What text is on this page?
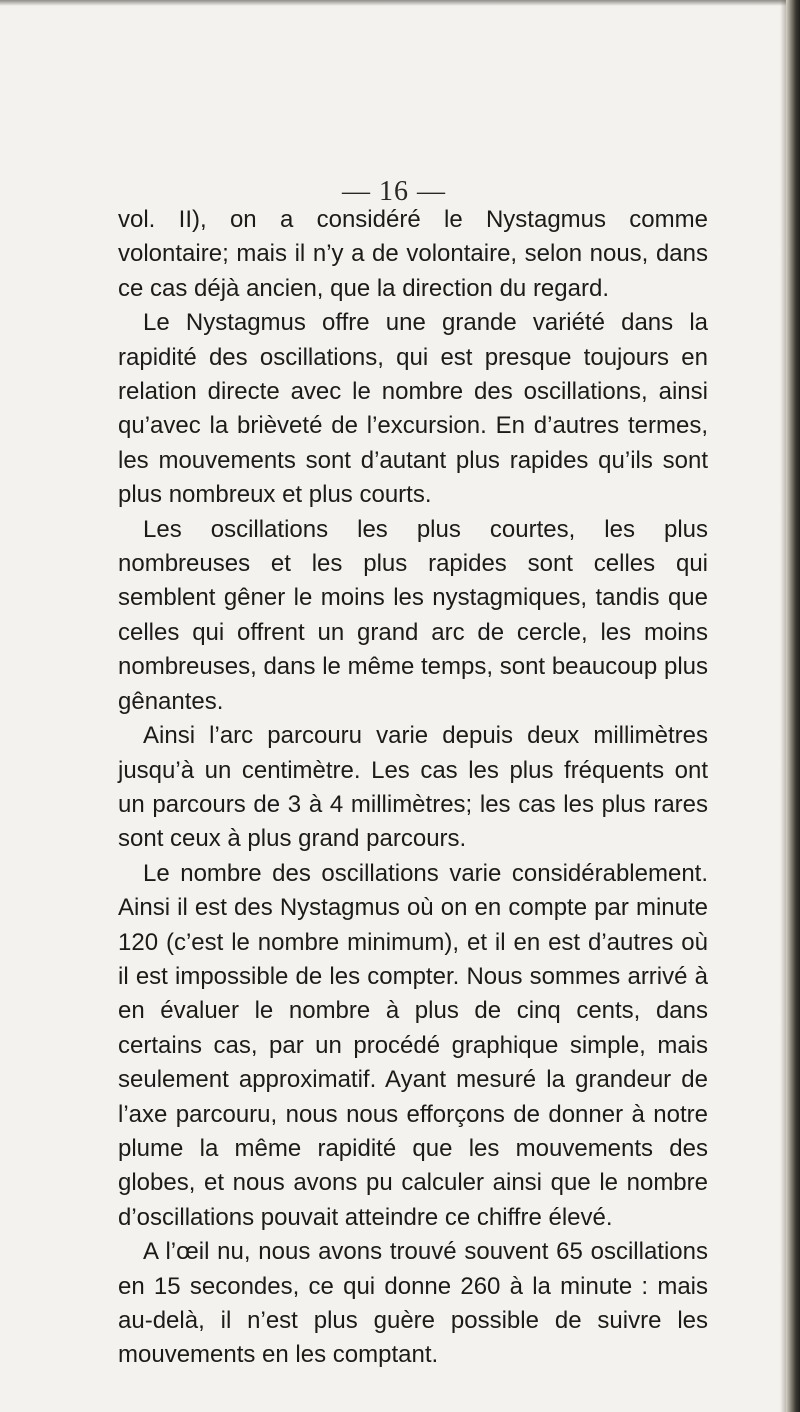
— 16 —

vol. II), on a considéré le Nystagmus comme volontaire; mais il n’y a de volontaire, selon nous, dans ce cas déjà ancien, que la direction du regard.

Le Nystagmus offre une grande variété dans la rapidité des oscillations, qui est presque toujours en relation directe avec le nombre des oscillations, ainsi qu’avec la brièveté de l’excursion. En d’autres termes, les mouvements sont d’autant plus rapides qu’ils sont plus nombreux et plus courts.

Les oscillations les plus courtes, les plus nombreuses et les plus rapides sont celles qui semblent gêner le moins les nystagmiques, tandis que celles qui offrent un grand arc de cercle, les moins nombreuses, dans le même temps, sont beaucoup plus gênantes.

Ainsi l’arc parcouru varie depuis deux millimètres jusqu’à un centimètre. Les cas les plus fréquents ont un parcours de 3 à 4 millimètres; les cas les plus rares sont ceux à plus grand parcours.

Le nombre des oscillations varie considérablement. Ainsi il est des Nystagmus où on en compte par minute 120 (c’est le nombre minimum), et il en est d’autres où il est impossible de les compter. Nous sommes arrivé à en évaluer le nombre à plus de cinq cents, dans certains cas, par un procédé graphique simple, mais seulement approximatif. Ayant mesuré la grandeur de l’axe parcouru, nous nous efforçons de donner à notre plume la même rapidité que les mouvements des globes, et nous avons pu calculer ainsi que le nombre d’oscillations pouvait atteindre ce chiffre élevé.

A l’œil nu, nous avons trouvé souvent 65 oscillations en 15 secondes, ce qui donne 260 à la minute : mais au-delà, il n’est plus guère possible de suivre les mouvements en les comptant.
